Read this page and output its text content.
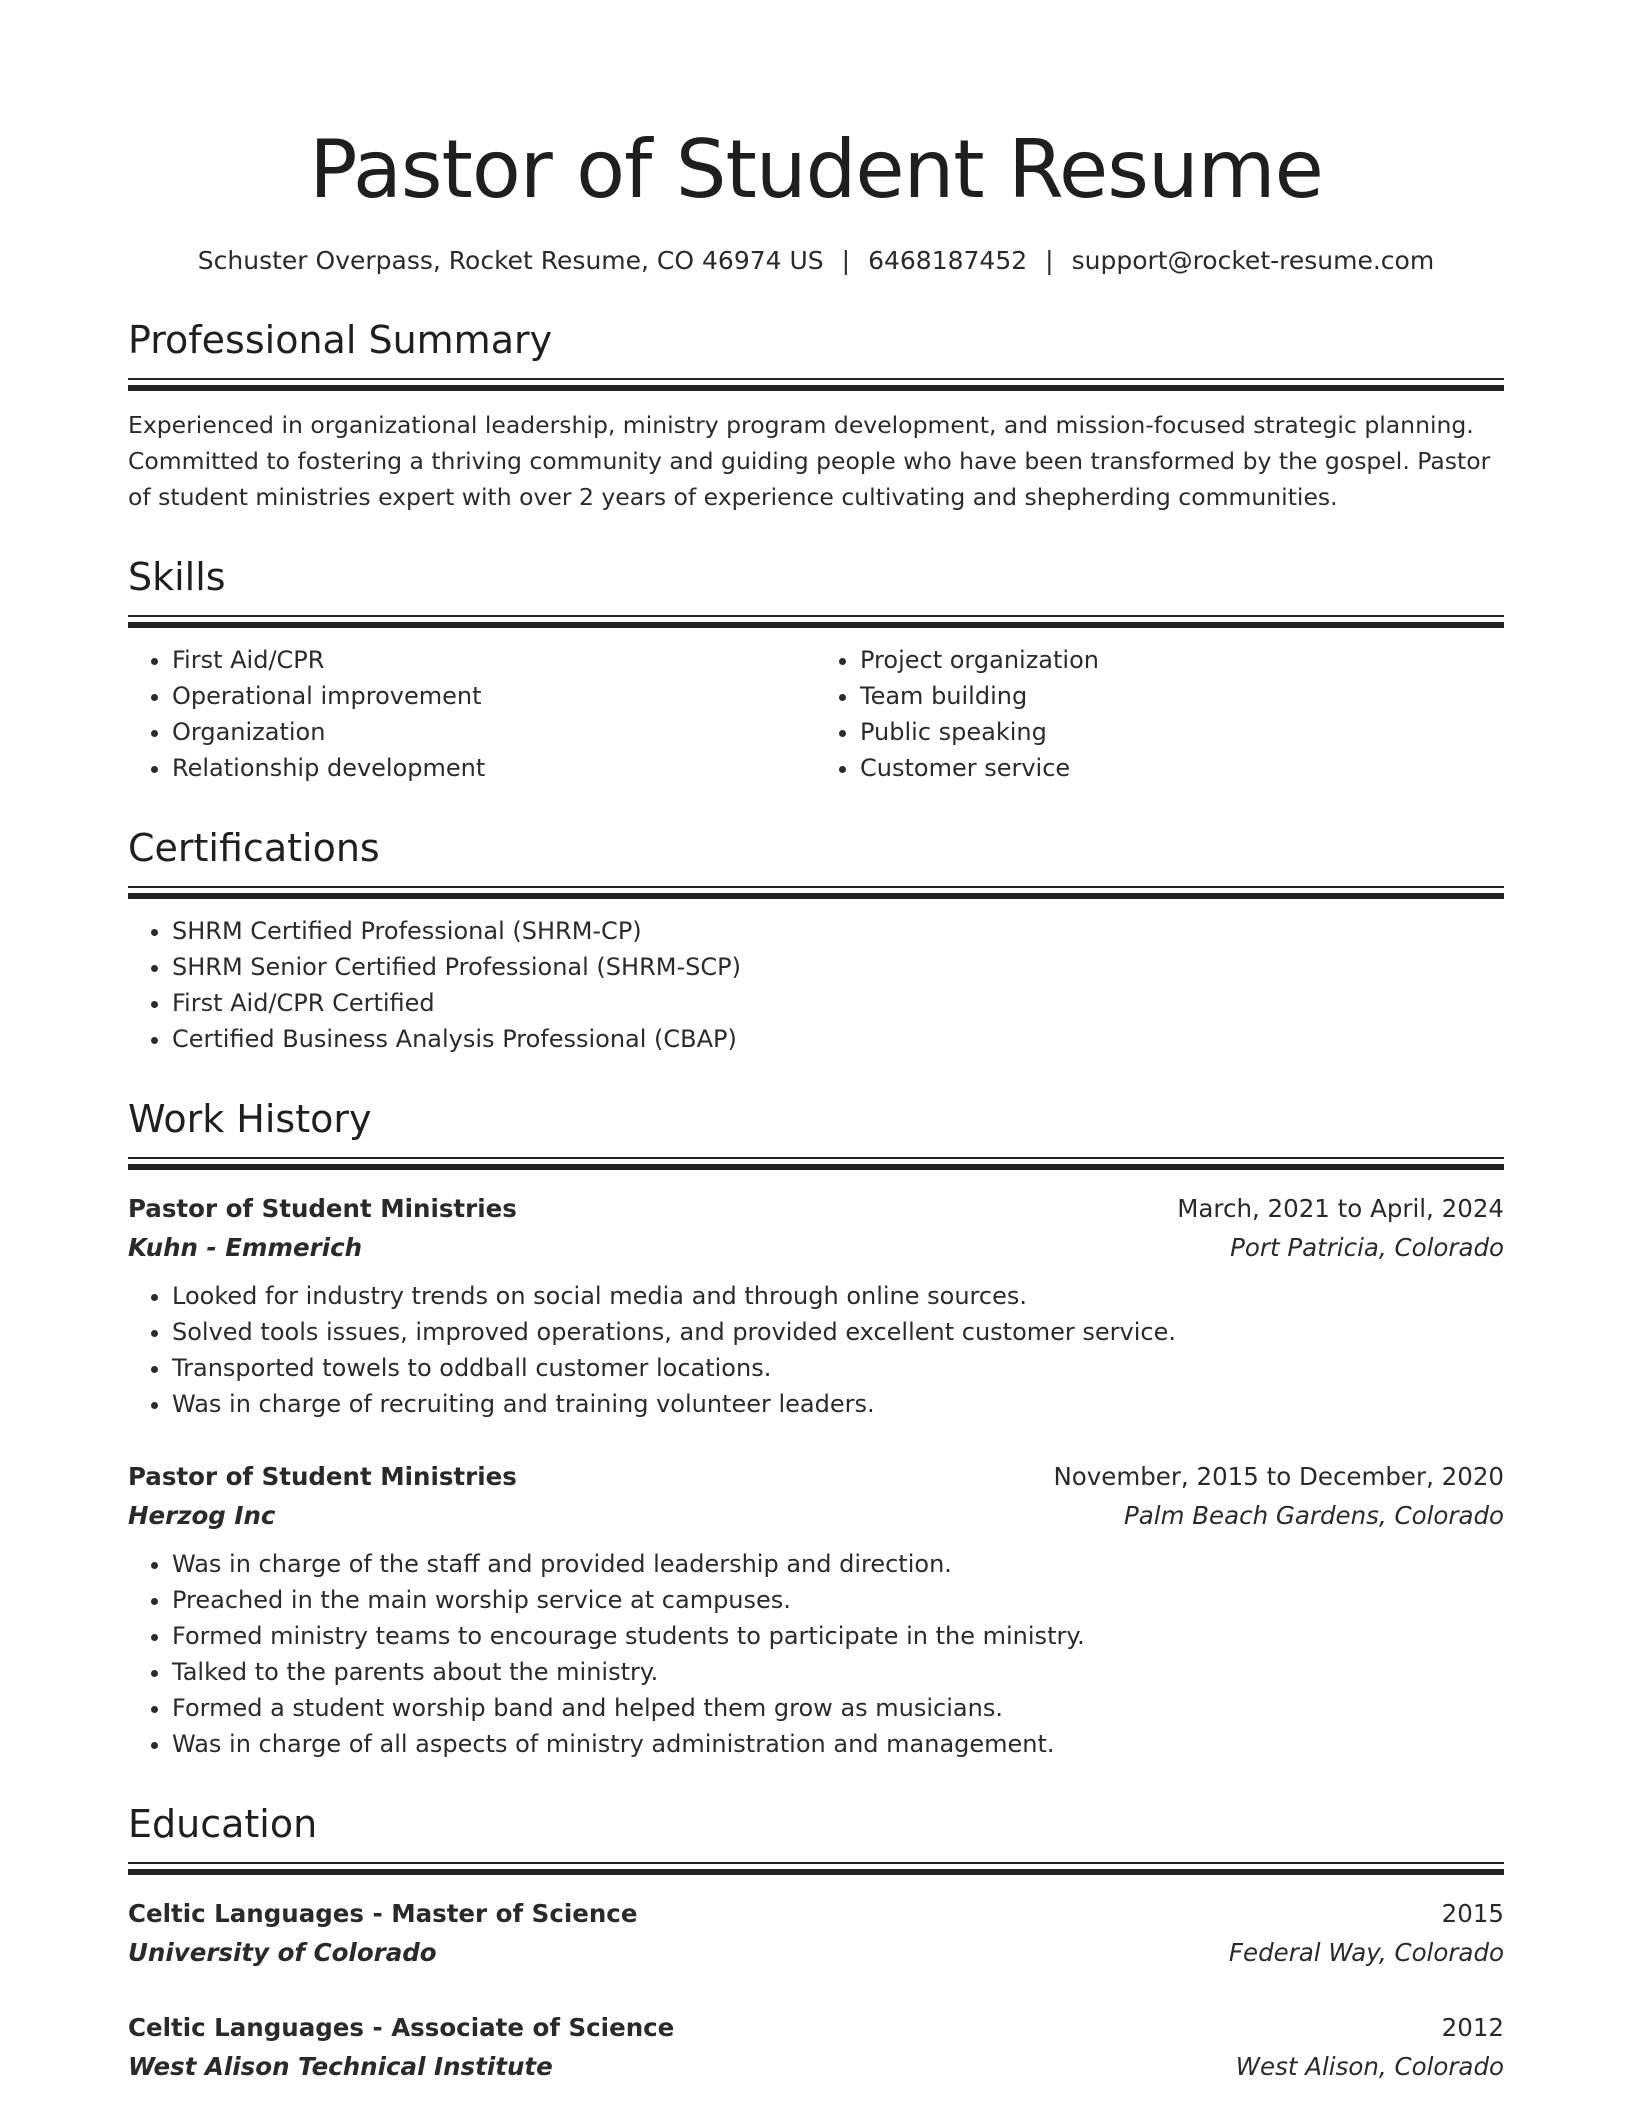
Pastor of Student Resume
Schuster Overpass, Rocket Resume, CO 46974 US | 6468187452 | support@rocket-resume.com
Professional Summary
Experienced in organizational leadership, ministry program development, and mission-focused strategic planning. Committed to fostering a thriving community and guiding people who have been transformed by the gospel. Pastor of student ministries expert with over 2 years of experience cultivating and shepherding communities.
Skills
• First Aid/CPR
• Operational improvement
• Organization
• Relationship development
• Project organization
• Team building
• Public speaking
• Customer service
Certifications
• SHRM Certified Professional (SHRM-CP)
• SHRM Senior Certified Professional (SHRM-SCP)
• First Aid/CPR Certified
• Certified Business Analysis Professional (CBAP)
Work History
Pastor of Student Ministries	March, 2021 to April, 2024
Kuhn - Emmerich	Port Patricia, Colorado
• Looked for industry trends on social media and through online sources.
• Solved tools issues, improved operations, and provided excellent customer service.
• Transported towels to oddball customer locations.
• Was in charge of recruiting and training volunteer leaders.
Pastor of Student Ministries	November, 2015 to December, 2020
Herzog Inc	Palm Beach Gardens, Colorado
• Was in charge of the staff and provided leadership and direction.
• Preached in the main worship service at campuses.
• Formed ministry teams to encourage students to participate in the ministry.
• Talked to the parents about the ministry.
• Formed a student worship band and helped them grow as musicians.
• Was in charge of all aspects of ministry administration and management.
Education
Celtic Languages - Master of Science	2015
University of Colorado	Federal Way, Colorado
Celtic Languages - Associate of Science	2012
West Alison Technical Institute	West Alison, Colorado
